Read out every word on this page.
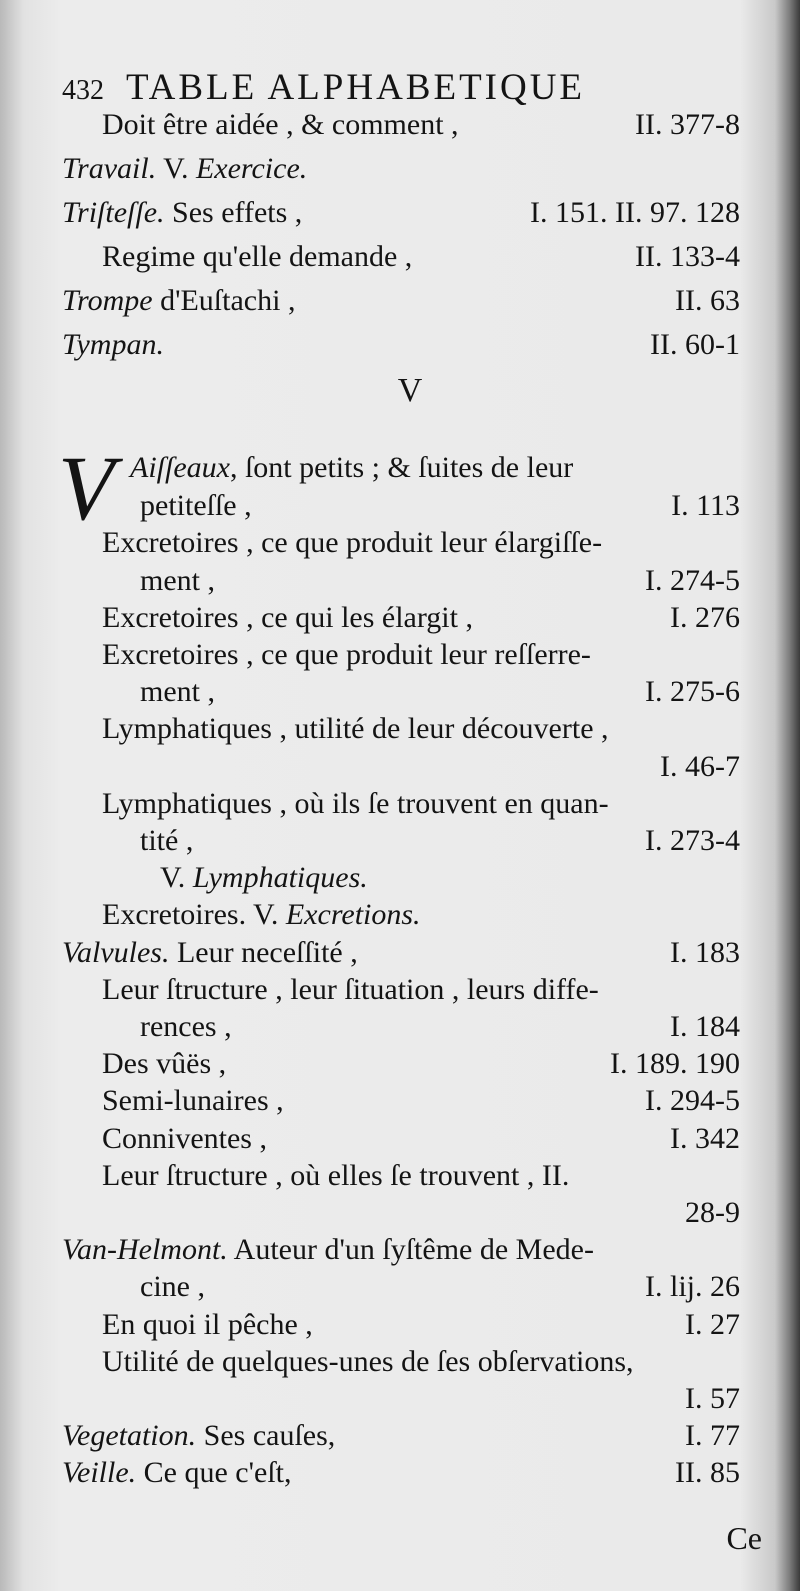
432 TABLE ALPHABETIQUE
V
V
Doit être aidée , & comment ,	II. 377-8
Travail. V. Exercice.
Triſteſſe. Ses effets ,	I. 151. II. 97. 128
Regime qu'elle demande ,	II. 133-4
Trompe d'Euſtachi ,	II. 63
Tympan.	II. 60-1
Aiſſeaux, ſont petits ; & ſuites de leur
petiteſſe ,	I. 113
Excretoires , ce que produit leur élargiſſe-
ment ,	I. 274-5
Excretoires , ce qui les élargit ,	I. 276
Excretoires , ce que produit leur reſſerre-
ment ,	I. 275-6
Lymphatiques , utilité de leur découverte ,
I. 46-7
Lymphatiques , où ils ſe trouvent en quan-
tité ,	I. 273-4
V. Lymphatiques.
Excretoires. V. Excretions.
Valvules. Leur neceſſité ,	I. 183
Leur ſtructure , leur ſituation , leurs diffe-
rences ,	I. 184
Des vûës ,	I. 189. 190
Semi-lunaires ,	I. 294-5
Conniventes ,	I. 342
Leur ſtructure , où elles ſe trouvent , II.
28-9
Van-Helmont. Auteur d'un ſyſtême de Mede-
cine ,	I. lij. 26
En quoi il pêche ,	I. 27
Utilité de quelques-unes de ſes obſervations,
I. 57
Vegetation. Ses cauſes,	I. 77
Veille. Ce que c'eſt,	II. 85
Ce
